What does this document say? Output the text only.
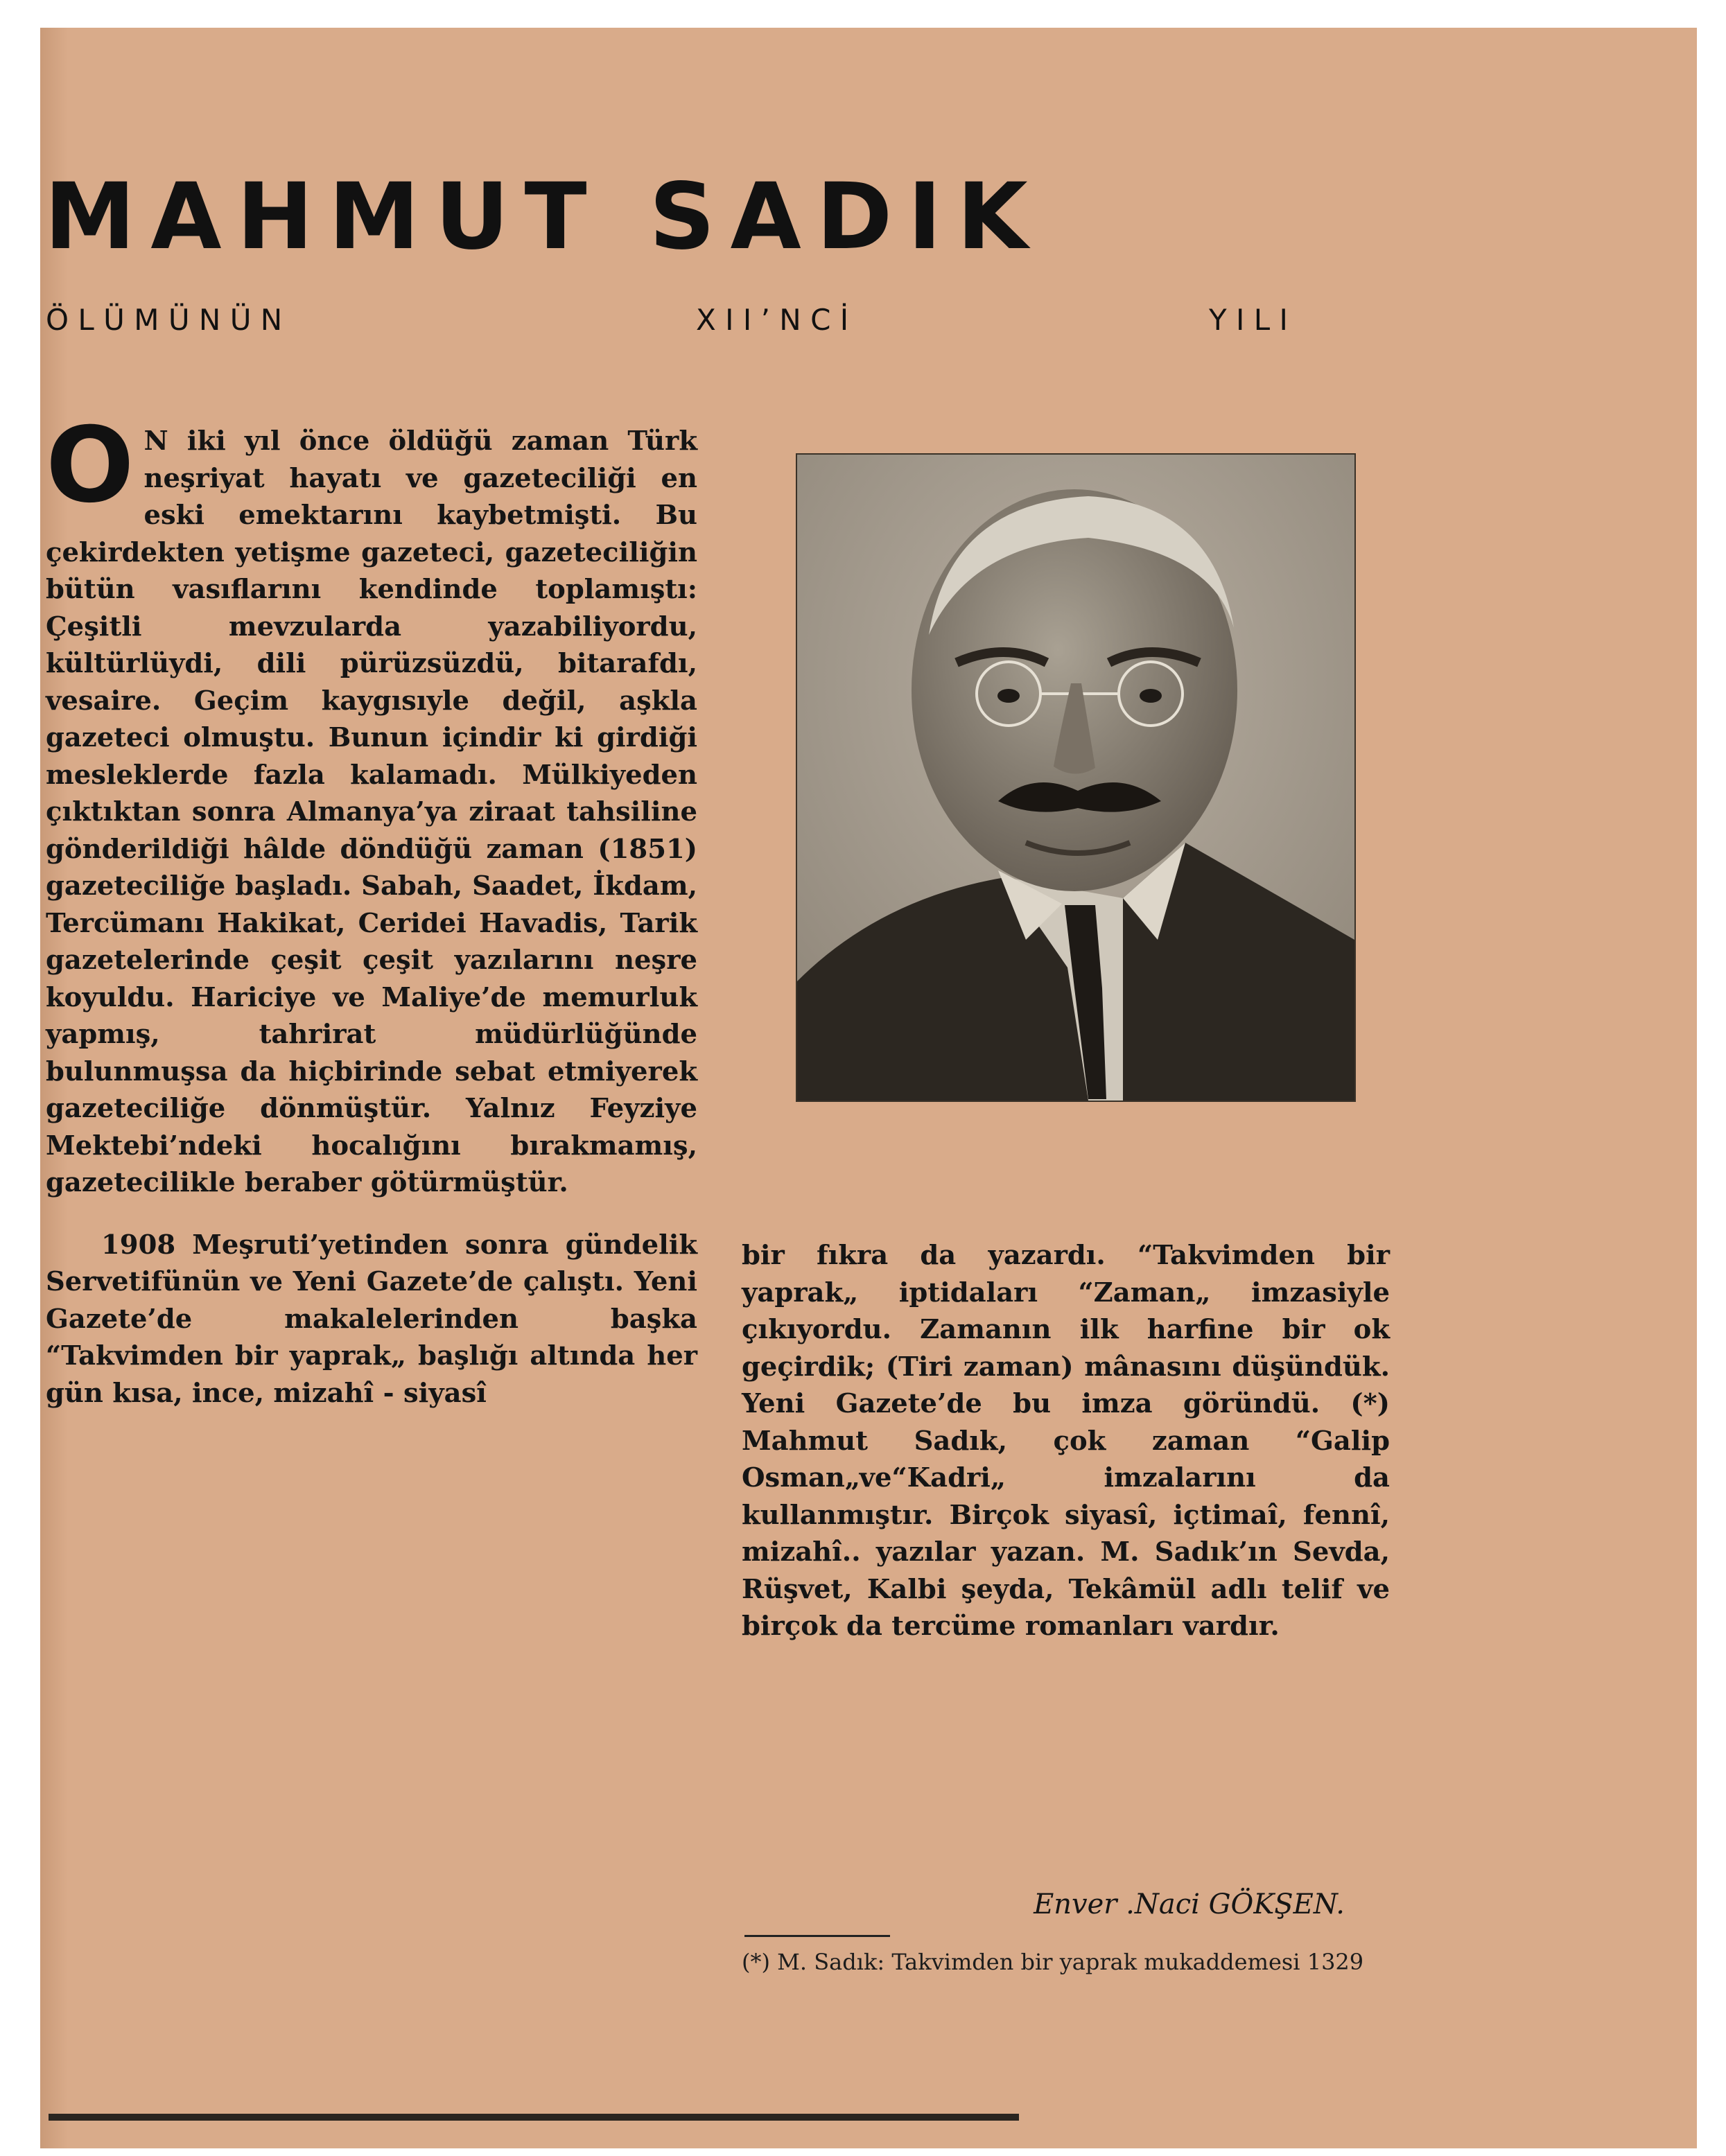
MAHMUT SADIK
Ö L Ü M Ü N Ü N	X I I ’ N C İ	Y I L I

O N iki yıl önce öldüğü zaman Türk neşriyat hayatı ve gazeteciliği en eski emektarını kaybetmişti. Bu çekirdekten yetişme gazeteci, gazeteciliğin bütün vasıflarını kendinde toplamıştı: Çeşitli mevzularda yazabiliyordu, kültürlüydi, dili pürüzsüzdü, bitarafdı, vesaire. Geçim kaygısıyle değil, aşkla gazeteci olmuştu. Bunun içindir ki girdiği mesleklerde fazla kalamadı. Mülkiyeden çıktıktan sonra Almanya’ya ziraat tahsiline gönderildiği hâlde döndüğü zaman (1851) gazeteciliğe başladı. Sabah, Saadet, İkdam, Tercümanı Hakikat, Ceridei Havadis, Tarik gazetelerinde çeşit çeşit yazılarını neşre koyuldu. Hariciye ve Maliye’de memurluk yapmış, tahrirat müdürlüğünde bulunmuşsa da hiçbirinde sebat etmiyerek gazeteciliğe dönmüştür. Yalnız Feyziye Mektebi’ndeki hocalığını bırakmamış, gazetecilikle beraber götürmüştür.

1908 Meşruti’yetinden sonra gündelik Servetifünün ve Yeni Gazete’de çalıştı. Yeni Gazete’de makalelerinden başka “Takvimden bir yaprak„ başlığı altında her gün kısa, ince, mizahî - siyasî

bir fıkra da yazardı. “Takvimden bir yaprak„ iptidaları “Zaman„ imzasiyle çıkıyordu. Zamanın ilk harfine bir ok geçirdik; (Tiri zaman) mânasını düşündük. Yeni Gazete’de bu imza göründü. (*) Mahmut Sadık, çok zaman “Galip Osman„ve“Kadri„ imzalarını da kullanmıştır. Birçok siyasî, içtimaî, fennî, mizahî.. yazılar yazan. M. Sadık’ın Sevda, Rüşvet, Kalbi şeyda, Tekâmül adlı telif ve birçok da tercüme romanları vardır.

Enver .Naci GÖKŞEN.
(*) M. Sadık: Takvimden bir yaprak mukaddemesi 1329
